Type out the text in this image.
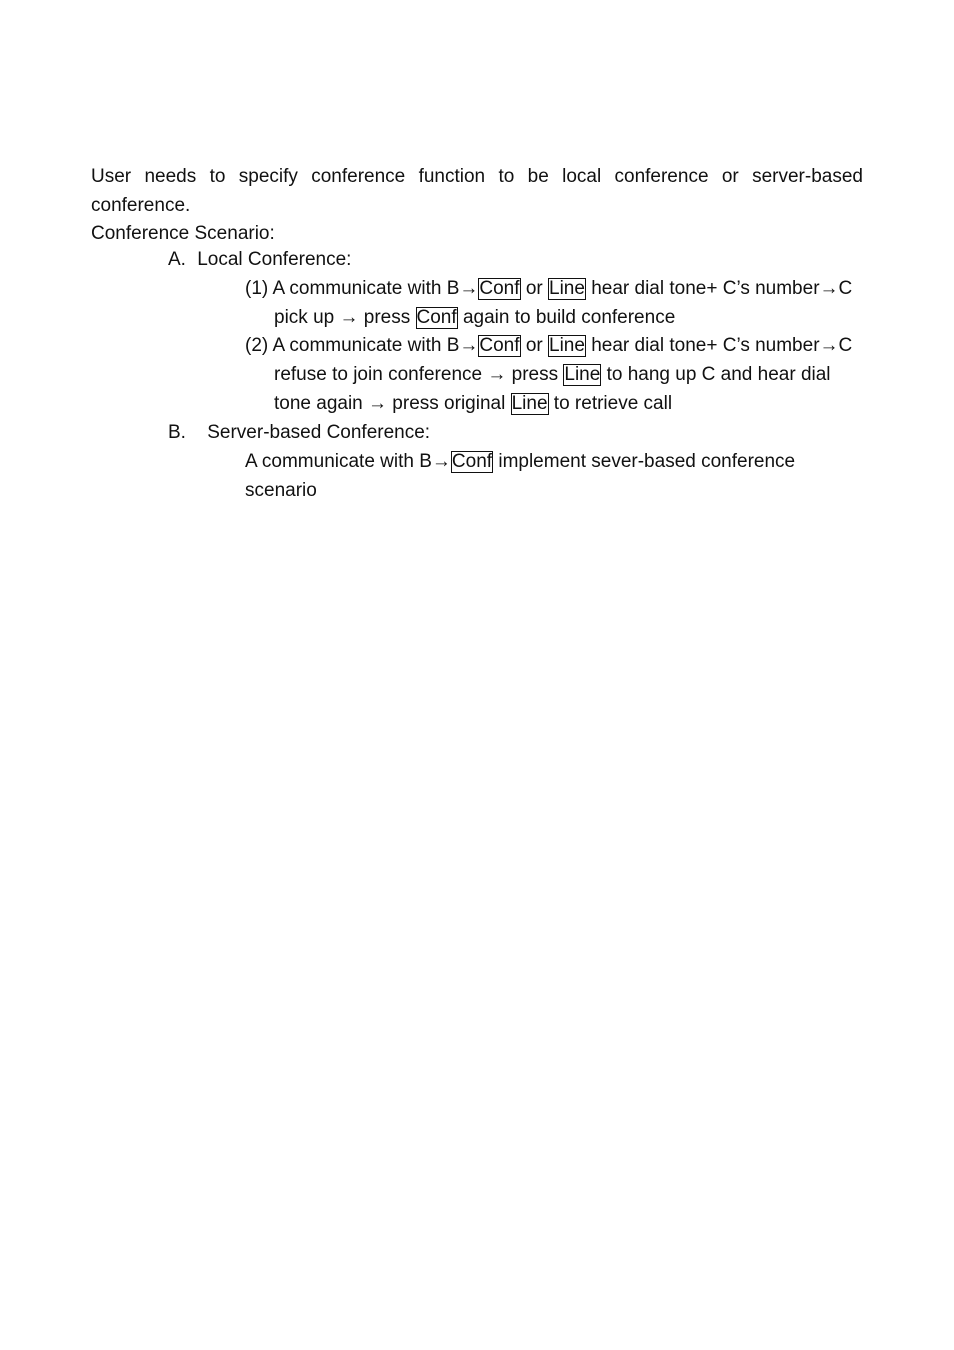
User needs to specify conference function to be local conference or server-based
conference.
Conference Scenario:
A. Local Conference:
(1) A communicate with B→Conf or Line hear dial tone+ C’s number→C
pick up → press Conf again to build conference
(2) A communicate with B→Conf or Line hear dial tone+ C’s number→C
refuse to join conference → press Line to hang up C and hear dial
tone again → press original Line to retrieve call
B. Server-based Conference:
A communicate with B→Conf implement sever-based conference
scenario
